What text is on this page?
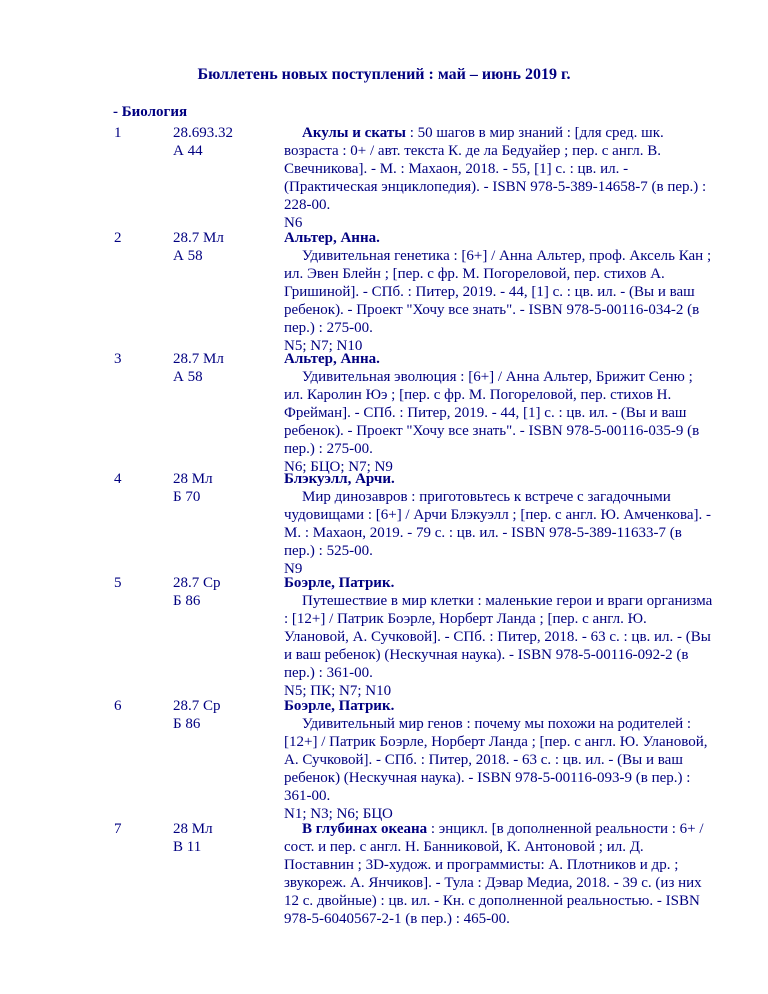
Бюллетень новых поступлений : май – июнь 2019 г.
- Биология
1	28.693.32
А 44
Акулы и скаты : 50 шагов в мир знаний : [для сред. шк. возраста : 0+ / авт. текста К. де ла Бедуайер ; пер. с англ. В. Свечникова]. - М. : Махаон, 2018. - 55, [1] с. : цв. ил. - (Практическая энциклопедия). - ISBN 978-5-389-14658-7 (в пер.) : 228-00.
N6
2	28.7 Мл
А 58
Альтер, Анна.
Удивительная генетика : [6+] / Анна Альтер, проф. Аксель Кан ; ил. Эвен Блейн ; [пер. с фр. М. Погореловой, пер. стихов А. Гришиной]. - СПб. : Питер, 2019. - 44, [1] с. : цв. ил. - (Вы и ваш ребенок). - Проект "Хочу все знать". - ISBN 978-5-00116-034-2 (в пер.) : 275-00.
N5; N7; N10
3	28.7 Мл
А 58
Альтер, Анна.
Удивительная эволюция : [6+] / Анна Альтер, Брижит Сеню ; ил. Каролин Юэ ; [пер. с фр. М. Погореловой, пер. стихов Н. Фрейман]. - СПб. : Питер, 2019. - 44, [1] с. : цв. ил. - (Вы и ваш ребенок). - Проект "Хочу все знать". - ISBN 978-5-00116-035-9 (в пер.) : 275-00.
N6; БЦО; N7; N9
4	28 Мл
Б 70
Блэкуэлл, Арчи.
Мир динозавров : приготовьтесь к встрече с загадочными чудовищами : [6+] / Арчи Блэкуэлл ; [пер. с англ. Ю. Амченкова]. - М. : Махаон, 2019. - 79 с. : цв. ил. - ISBN 978-5-389-11633-7 (в пер.) : 525-00.
N9
5	28.7 Ср
Б 86
Боэрле, Патрик.
Путешествие в мир клетки : маленькие герои и враги организма : [12+] / Патрик Боэрле, Норберт Ланда ; [пер. с англ. Ю. Улановой, А. Сучковой]. - СПб. : Питер, 2018. - 63 с. : цв. ил. - (Вы и ваш ребенок) (Нескучная наука). - ISBN 978-5-00116-092-2 (в пер.) : 361-00.
N5; ПК; N7; N10
6	28.7 Ср
Б 86
Боэрле, Патрик.
Удивительный мир генов : почему мы похожи на родителей : [12+] / Патрик Боэрле, Норберт Ланда ; [пер. с англ. Ю. Улановой, А. Сучковой]. - СПб. : Питер, 2018. - 63 с. : цв. ил. - (Вы и ваш ребенок) (Нескучная наука). - ISBN 978-5-00116-093-9 (в пер.) : 361-00.
N1; N3; N6; БЦО
7	28 Мл
В 11
В глубинах океана : энцикл. [в дополненной реальности : 6+ / сост. и пер. с англ. Н. Банниковой, К. Антоновой ; ил. Д. Поставнин ; 3D-худож. и программисты: А. Плотников и др. ; звукореж. А. Янчиков]. - Тула : Дэвар Медиа, 2018. - 39 с. (из них 12 с. двойные) : цв. ил. - Кн. с дополненной реальностью. - ISBN 978-5-6040567-2-1 (в пер.) : 465-00.
